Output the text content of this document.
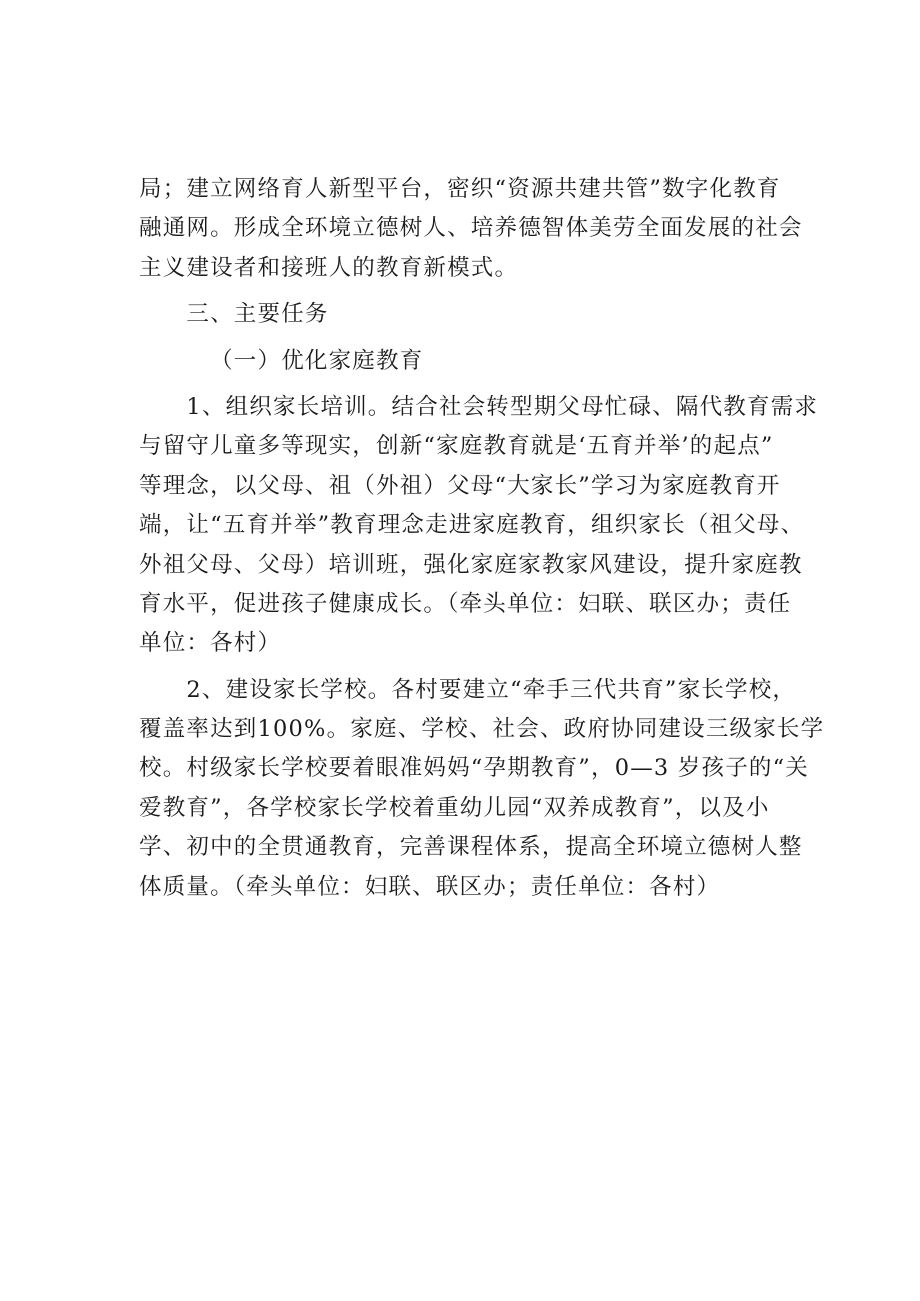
局；建立网络育人新型平台，密织“资源共建共管”数字化教育
融通网。形成全环境立德树人、培养德智体美劳全面发展的社会
主义建设者和接班人的教育新模式。
三、主要任务
（一）优化家庭教育
1、组织家长培训。结合社会转型期父母忙碌、隔代教育需求
与留守儿童多等现实，创新“家庭教育就是‘五育并举’的起点”
等理念，以父母、祖（外祖）父母“大家长”学习为家庭教育开
端，让“五育并举”教育理念走进家庭教育，组织家长（祖父母、
外祖父母、父母）培训班，强化家庭家教家风建设，提升家庭教
育水平，促进孩子健康成长。（牵头单位：妇联、联区办；责任
单位：各村）
2、建设家长学校。各村要建立“牵手三代共育”家长学校，
覆盖率达到100%。家庭、学校、社会、政府协同建设三级家长学
校。村级家长学校要着眼准妈妈“孕期教育”，0—3 岁孩子的“关
爱教育”，各学校家长学校着重幼儿园“双养成教育”，以及小
学、初中的全贯通教育，完善课程体系，提高全环境立德树人整
体质量。（牵头单位：妇联、联区办；责任单位：各村）
